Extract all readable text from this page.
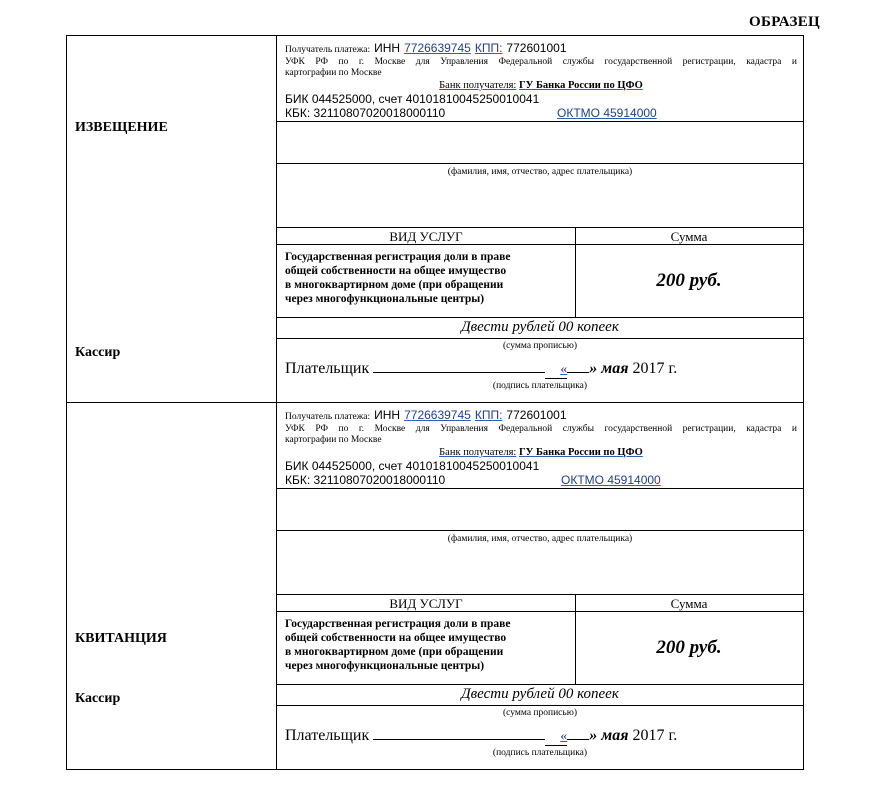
ОБРАЗЕЦ
ИЗВЕЩЕНИЕ
Кассир
Получатель платежа: ИНН 7726639745 КПП: 772601001
УФК РФ по г. Москве для Управления Федеральной службы государственной регистрации, кадастра и
картографии по Москве
Банк получателя: ГУ Банка России по ЦФО
БИК 044525000, счет 40101810045250010041
КБК: 32110807020018000110	ОКТМО 45914000
(фамилия, имя, отчество, адрес плательщика)
ВИД УСЛУГ	Сумма
Государственная регистрация доли в праве
общей собственности на общее имущество
в многоквартирном доме (при обращении
через многофункциональные центры)
200 руб.
Двести рублей 00 копеек
(сумма прописью)
Плательщик	« » мая 2017 г.
(подпись плательщика)
КВИТАНЦИЯ
Кассир
Получатель платежа: ИНН 7726639745 КПП: 772601001
УФК РФ по г. Москве для Управления Федеральной службы государственной регистрации, кадастра и
картографии по Москве
Банк получателя: ГУ Банка России по ЦФО
БИК 044525000, счет 40101810045250010041
КБК: 32110807020018000110	ОКТМО 45914000
(фамилия, имя, отчество, адрес плательщика)
ВИД УСЛУГ	Сумма
Государственная регистрация доли в праве
общей собственности на общее имущество
в многоквартирном доме (при обращении
через многофункциональные центры)
200 руб.
Двести рублей 00 копеек
(сумма прописью)
Плательщик	« » мая 2017 г.
(подпись плательщика)
